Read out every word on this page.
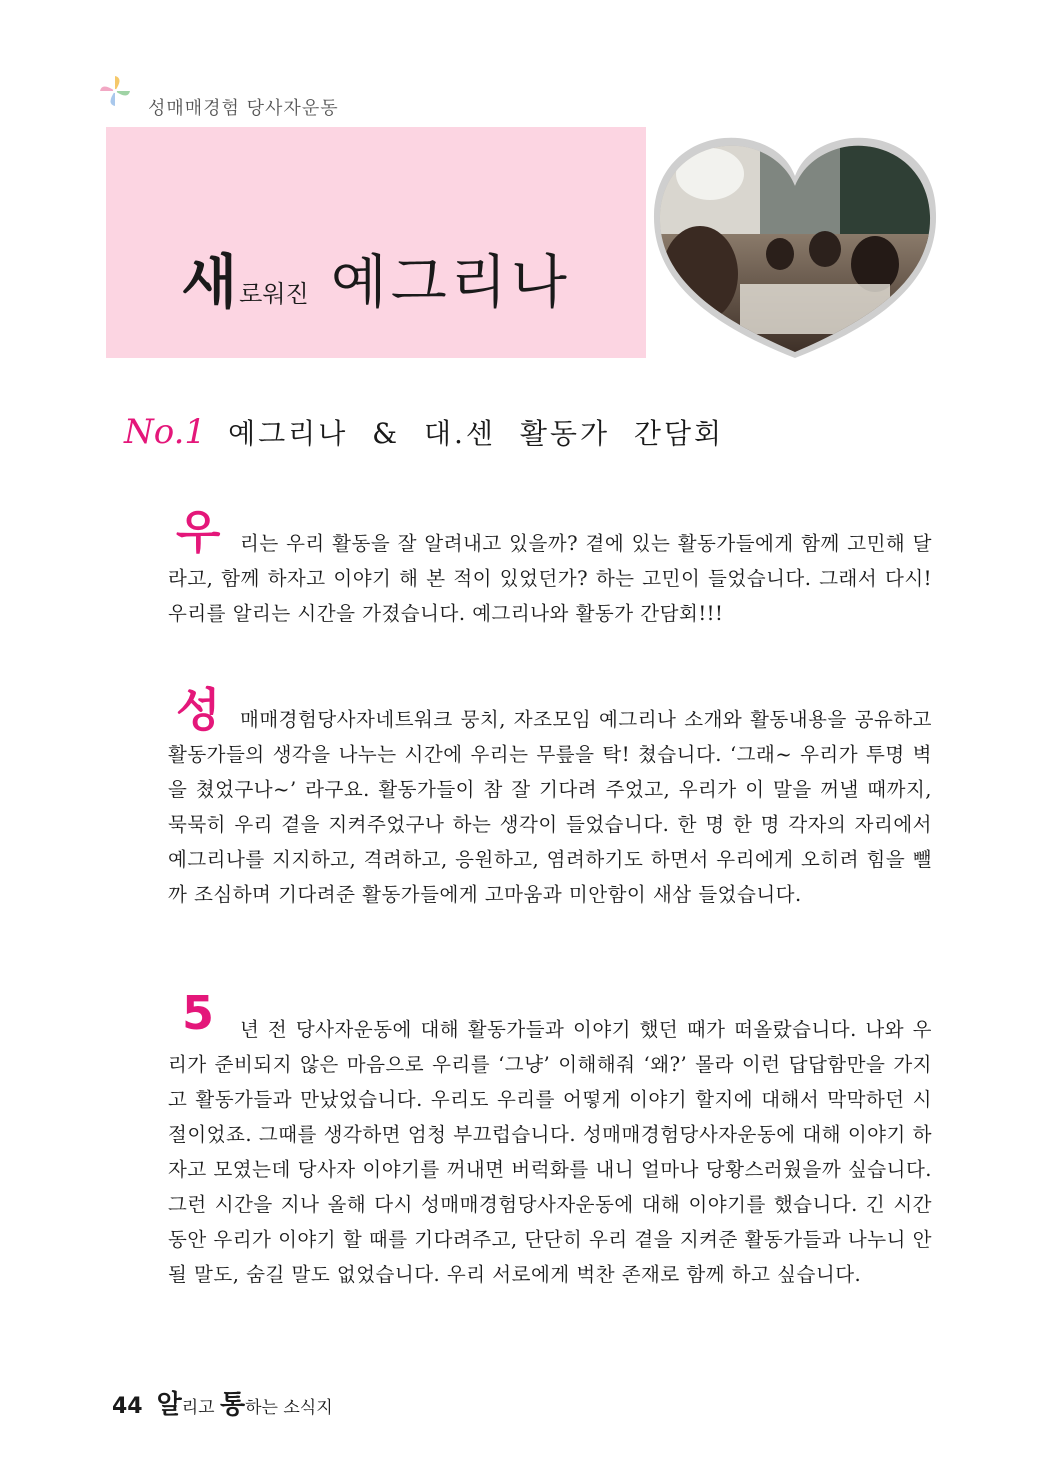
성매매경험 당사자운동
새로워진 예그리나
No.1 예그리나 & 대.센 활동가 간담회
우	리는 우리 활동을 잘 알려내고 있을까? 곁에 있는 활동가들에게 함께 고민해 달라고, 함께 하자고 이야기 해 본 적이 있었던가? 하는 고민이 들었습니다. 그래서 다시! 우리를 알리는 시간을 가졌습니다. 예그리나와 활동가 간담회!!!
성	매매경험당사자네트워크 뭉치, 자조모임 예그리나 소개와 활동내용을 공유하고 활동가들의 생각을 나누는 시간에 우리는 무릎을 탁! 쳤습니다. ‘그래~ 우리가 투명 벽을 쳤었구나~’ 라구요. 활동가들이 참 잘 기다려 주었고, 우리가 이 말을 꺼낼 때까지, 묵묵히 우리 곁을 지켜주었구나 하는 생각이 들었습니다. 한 명 한 명 각자의 자리에서 예그리나를 지지하고, 격려하고, 응원하고, 염려하기도 하면서 우리에게 오히려 힘을 뺄까 조심하며 기다려준 활동가들에게 고마움과 미안함이 새삼 들었습니다.
5	년 전 당사자운동에 대해 활동가들과 이야기 했던 때가 떠올랐습니다. 나와 우리가 준비되지 않은 마음으로 우리를 ‘그냥’ 이해해줘 ‘왜?’ 몰라 이런 답답함만을 가지고 활동가들과 만났었습니다. 우리도 우리를 어떻게 이야기 할지에 대해서 막막하던 시절이었죠. 그때를 생각하면 엄청 부끄럽습니다. 성매매경험당사자운동에 대해 이야기 하자고 모였는데 당사자 이야기를 꺼내면 버럭화를 내니 얼마나 당황스러웠을까 싶습니다. 그런 시간을 지나 올해 다시 성매매경험당사자운동에 대해 이야기를 했습니다. 긴 시간동안 우리가 이야기 할 때를 기다려주고, 단단히 우리 곁을 지켜준 활동가들과 나누니 안 될 말도, 숨길 말도 없었습니다. 우리 서로에게 벅찬 존재로 함께 하고 싶습니다.
44 알리고 통하는 소식지
